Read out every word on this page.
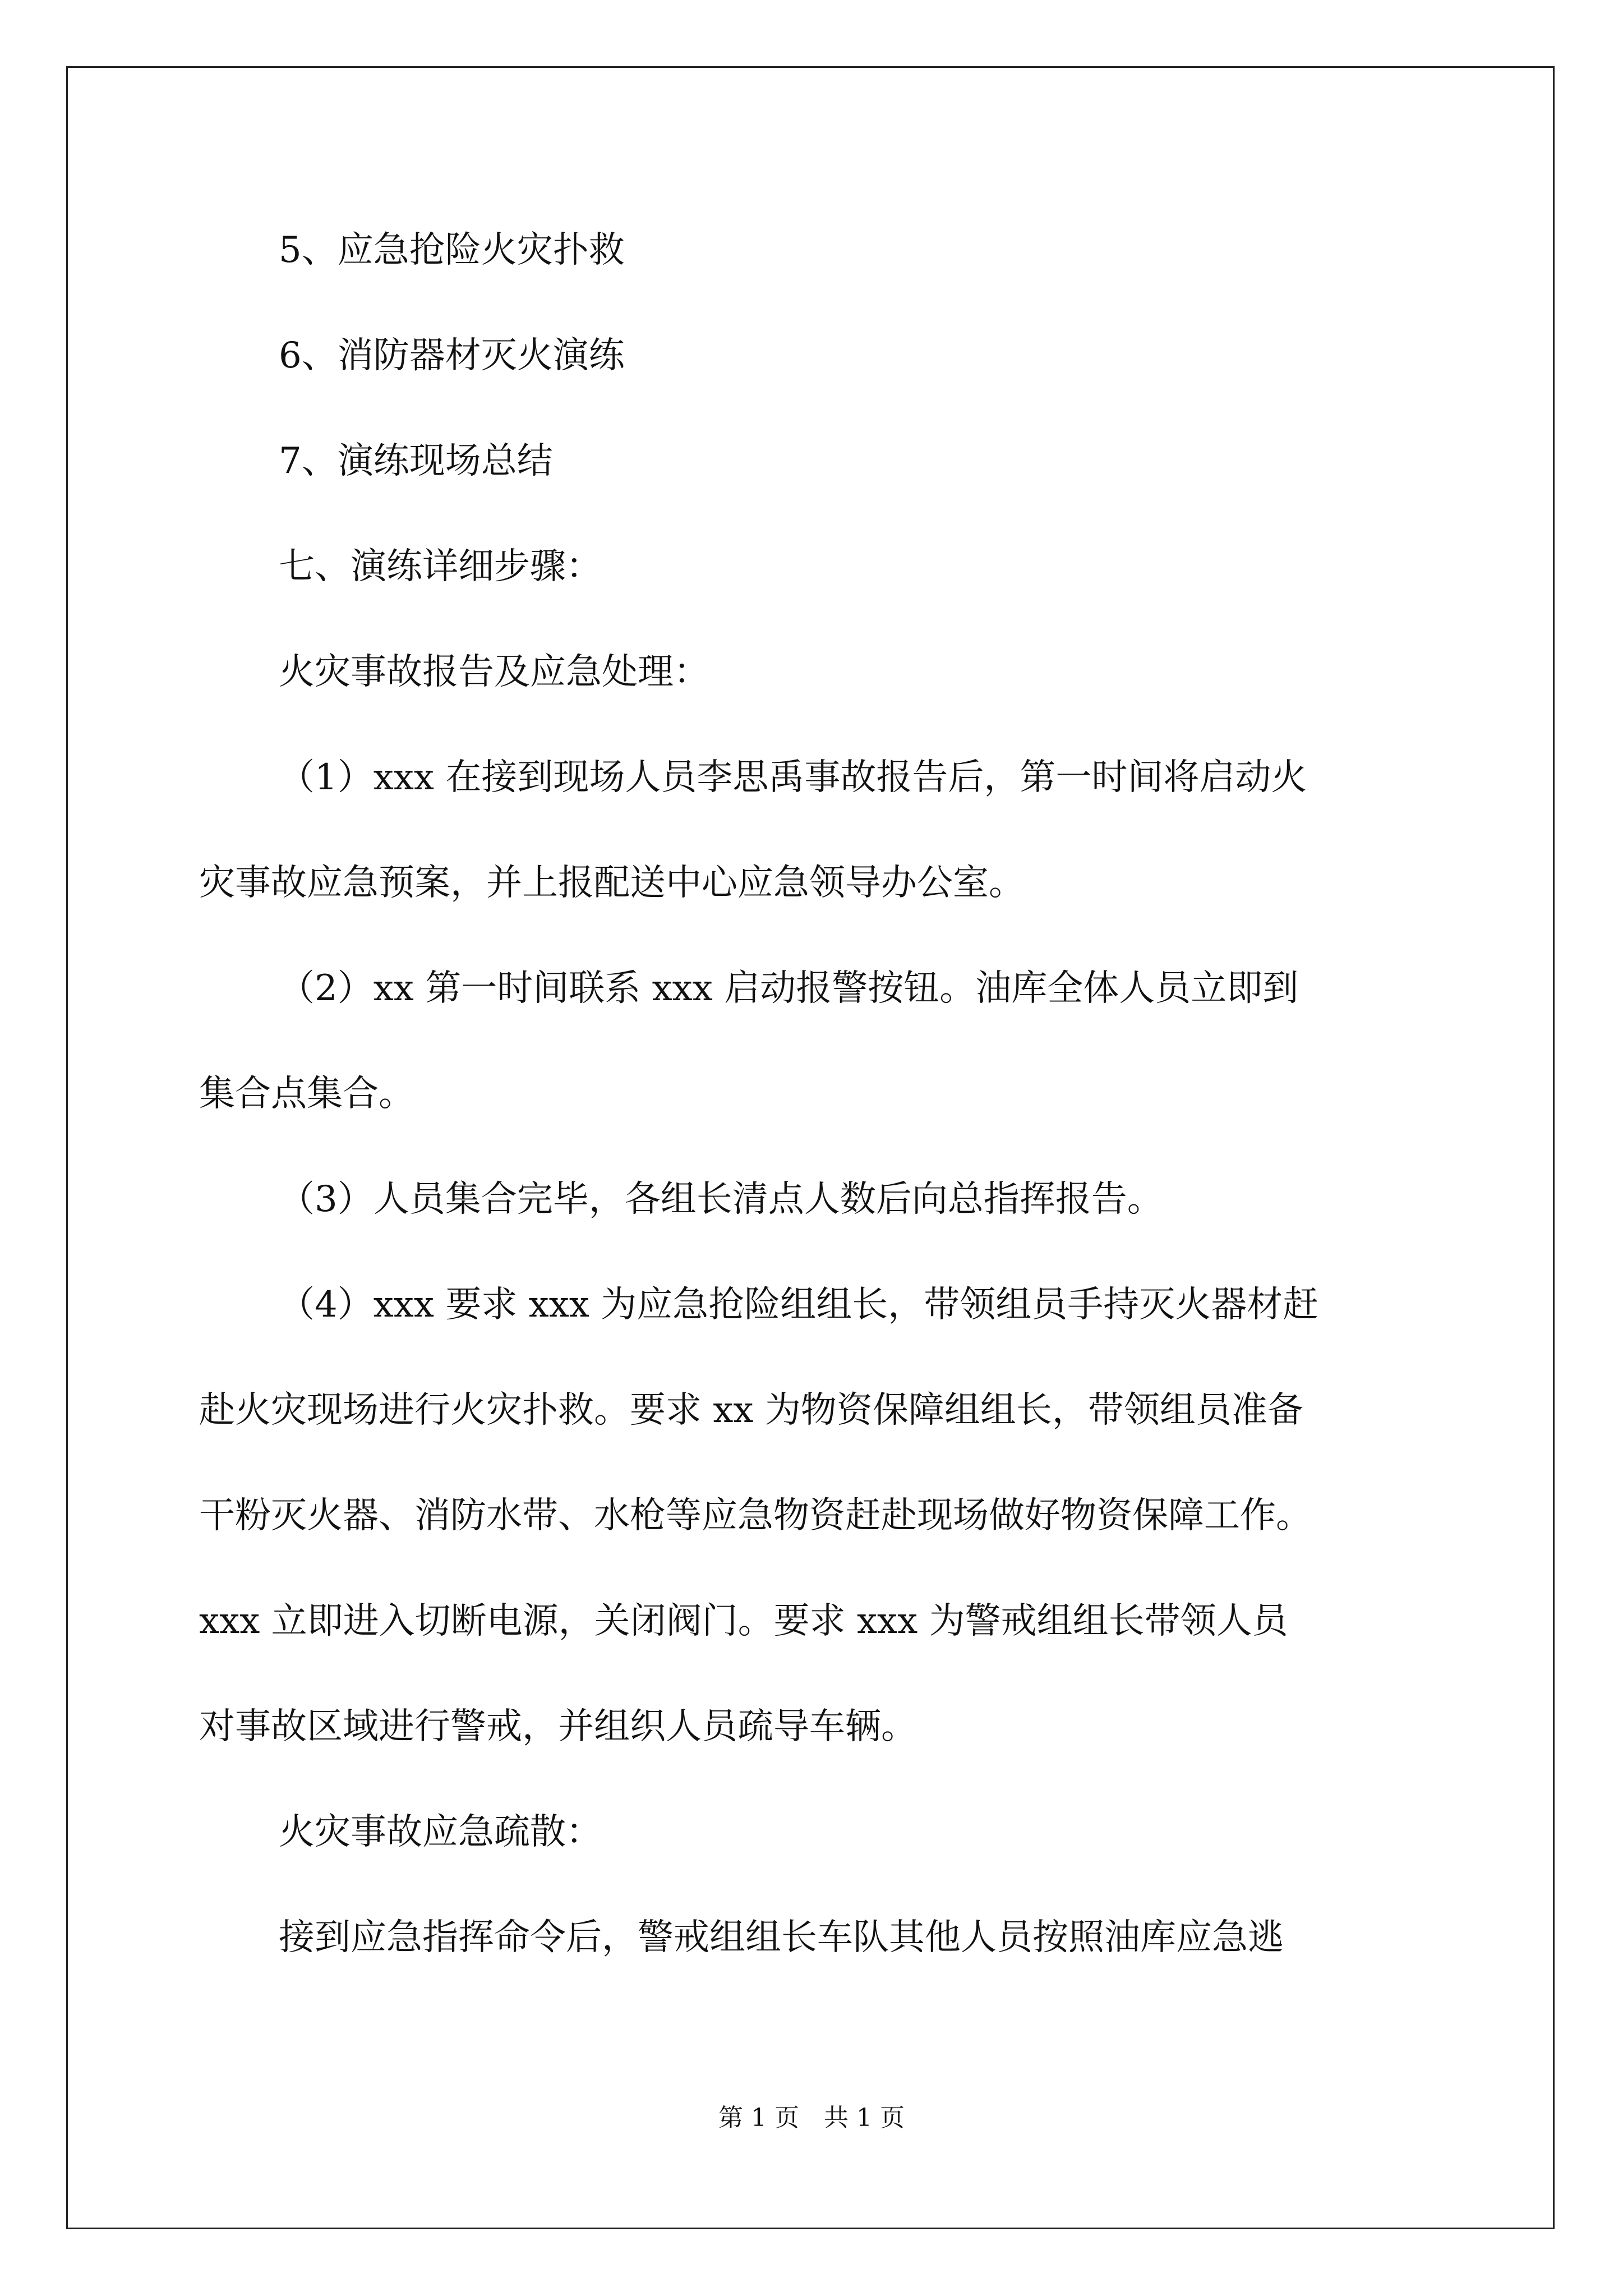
5、应急抢险火灾扑救

6、消防器材灭火演练

7、演练现场总结

七、演练详细步骤：

火灾事故报告及应急处理：

（1）xxx 在接到现场人员李思禹事故报告后，第一时间将启动火

灾事故应急预案，并上报配送中心应急领导办公室。

（2）xx 第一时间联系 xxx 启动报警按钮。油库全体人员立即到

集合点集合。

（3）人员集合完毕，各组长清点人数后向总指挥报告。

（4）xxx 要求 xxx 为应急抢险组组长，带领组员手持灭火器材赶

赴火灾现场进行火灾扑救。要求 xx 为物资保障组组长，带领组员准备

干粉灭火器、消防水带、水枪等应急物资赶赴现场做好物资保障工作。

xxx 立即进入切断电源，关闭阀门。要求 xxx 为警戒组组长带领人员

对事故区域进行警戒，并组织人员疏导车辆。

火灾事故应急疏散：

接到应急指挥命令后，警戒组组长车队其他人员按照油库应急逃

第 1 页　共 1 页
